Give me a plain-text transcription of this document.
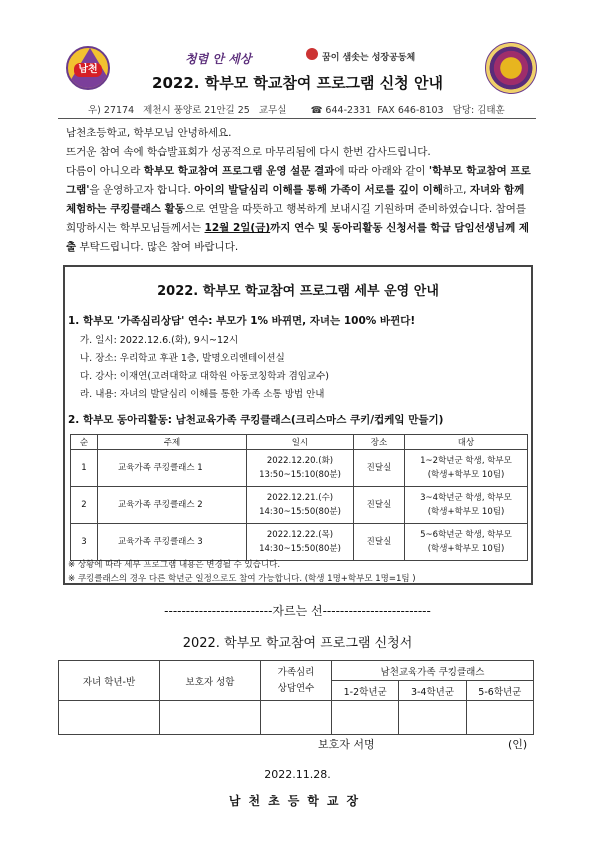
남천
청렴 안 세상	꿈이 샘솟는 성장공동체
2022. 학부모 학교참여 프로그램 신청 안내
우) 27174   제천시 풍양로 21안길 25   교무실        ☎ 644-2331  FAX 646-8103   담당: 김태훈
남천초등학교, 학부모님 안녕하세요.
뜨거운 참여 속에 학습발표회가 성공적으로 마무리됨에 다시 한번 감사드립니다.
다름이 아니오라 학부모 학교참여 프로그램 운영 설문 결과에 따라 아래와 같이 '학부모 학교참여 프로그램'을 운영하고자 합니다. 아이의 발달심리 이해를 통해 가족이 서로를 깊이 이해하고, 자녀와 함께 체험하는 쿠킹클래스 활동으로 연말을 따뜻하고 행복하게 보내시길 기원하며 준비하였습니다. 참여를 희망하시는 학부모님들께서는 12월 2일(금)까지 연수 및 동아리활동 신청서를 학급 담임선생님께 제출 부탁드립니다. 많은 참여 바랍니다.
2022. 학부모 학교참여 프로그램 세부 운영 안내
1. 학부모 '가족심리상담' 연수: 부모가 1% 바뀌면, 자녀는 100% 바뀐다!
가. 일시: 2022.12.6.(화), 9시~12시
나. 장소: 우리학교 후관 1층, 발명오리엔테이션실
다. 강사: 이재연(고려대학교 대학원 아동코칭학과 겸임교수)
라. 내용: 자녀의 발달심리 이해를 통한 가족 소통 방법 안내
2. 학부모 동아리활동: 남천교육가족 쿠킹클래스(크리스마스 쿠키/컵케잌 만들기)
순	주제	일시	장소	대상
1	교육가족 쿠킹클래스 1	2022.12.20.(화)
13:50~15:10(80분)	진달실	1~2학년군 학생, 학부모
(학생+학부모 10팀)
2	교육가족 쿠킹클래스 2	2022.12.21.(수)
14:30~15:50(80분)	진달실	3~4학년군 학생, 학부모
(학생+학부모 10팀)
3	교육가족 쿠킹클래스 3	2022.12.22.(목)
14:30~15:50(80분)	진달실	5~6학년군 학생, 학부모
(학생+학부모 10팀)
※ 상황에 따라 세부 프로그램 내용은 변경될 수 있습니다.
※ 쿠킹클래스의 경우 다른 학년군 일정으로도 참여 가능합니다. (학생 1명+학부모 1명=1팀 )
-------------------------자르는 선-------------------------
2022. 학부모 학교참여 프로그램 신청서
자녀 학년-반	보호자 성함	가족심리
상담연수	남천교육가족 쿠킹클래스		
			1-2학년군	3-4학년군	5-6학년군

보호자 서명	(인)
2022.11.28.
남천초등학교장
